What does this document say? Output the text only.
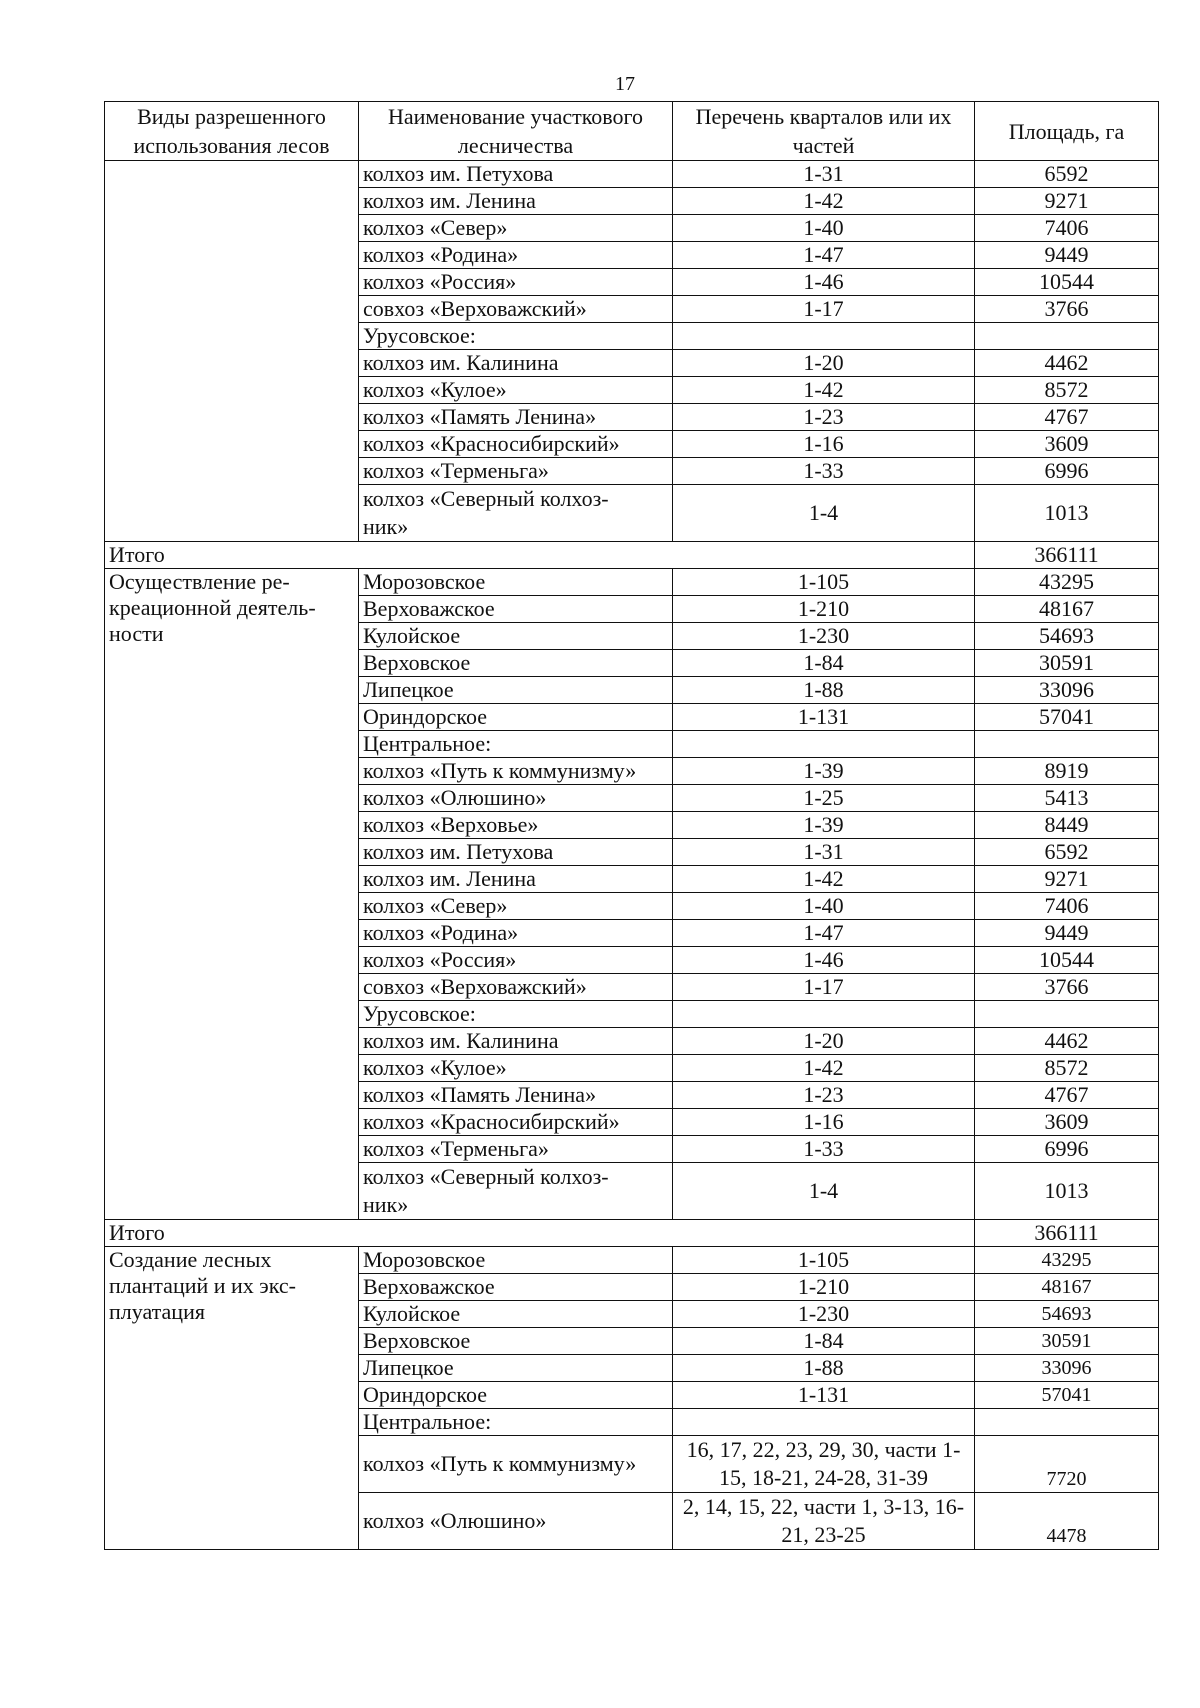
17
Виды разрешенного использования лесов	Наименование участкового лесничества	Перечень кварталов или их частей	Площадь, га
	колхоз им. Петухова	1-31	6592
	колхоз им. Ленина	1-42	9271
	колхоз «Север»	1-40	7406
	колхоз «Родина»	1-47	9449
	колхоз «Россия»	1-46	10544
	совхоз «Верховажский»	1-17	3766
	Урусовское:		
	колхоз им. Калинина	1-20	4462
	колхоз «Кулое»	1-42	8572
	колхоз «Память Ленина»	1-23	4767
	колхоз «Красносибирский»	1-16	3609
	колхоз «Терменьга»	1-33	6996
	колхоз «Северный колхоз-ник»	1-4	1013
Итого			366111
Осуществление ре-креационной деятель-ности	Морозовское	1-105	43295
	Верховажское	1-210	48167
	Кулойское	1-230	54693
	Верховское	1-84	30591
	Липецкое	1-88	33096
	Ориндорское	1-131	57041
	Центральное:		
	колхоз «Путь к коммунизму»	1-39	8919
	колхоз «Олюшино»	1-25	5413
	колхоз «Верховье»	1-39	8449
	колхоз им. Петухова	1-31	6592
	колхоз им. Ленина	1-42	9271
	колхоз «Север»	1-40	7406
	колхоз «Родина»	1-47	9449
	колхоз «Россия»	1-46	10544
	совхоз «Верховажский»	1-17	3766
	Урусовское:		
	колхоз им. Калинина	1-20	4462
	колхоз «Кулое»	1-42	8572
	колхоз «Память Ленина»	1-23	4767
	колхоз «Красносибирский»	1-16	3609
	колхоз «Терменьга»	1-33	6996
	колхоз «Северный колхоз-ник»	1-4	1013
Итого			366111
Создание лесных плантаций и их экс-плуатация	Морозовское	1-105	43295
	Верховажское	1-210	48167
	Кулойское	1-230	54693
	Верховское	1-84	30591
	Липецкое	1-88	33096
	Ориндорское	1-131	57041
	Центральное:		
	колхоз «Путь к коммунизму»	16, 17, 22, 23, 29, 30, части 1-15, 18-21, 24-28, 31-39	7720
	колхоз «Олюшино»	2, 14, 15, 22, части 1, 3-13, 16-21, 23-25	4478
